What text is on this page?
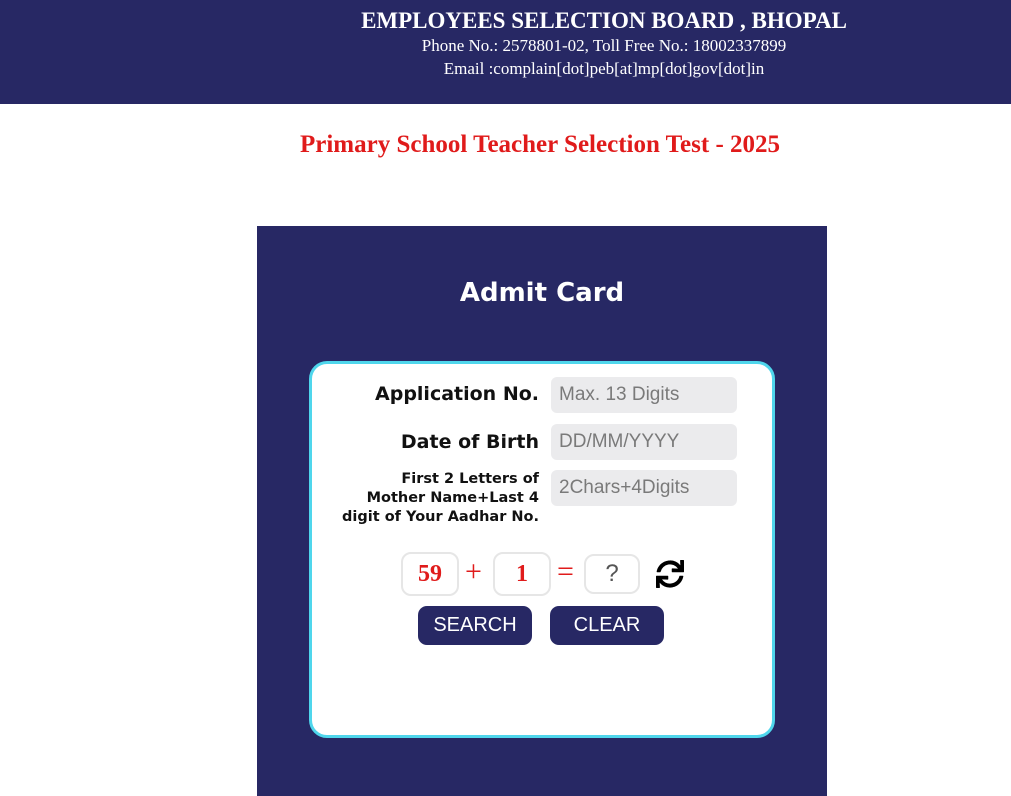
EMPLOYEES SELECTION BOARD , BHOPAL
Phone No.: 2578801-02, Toll Free No.: 18002337899
Email :complain[dot]peb[at]mp[dot]gov[dot]in
Primary School Teacher Selection Test - 2025
Admit Card
Application No.
Max. 13 Digits
Date of Birth
DD/MM/YYYY
First 2 Letters of Mother Name+Last 4 digit of Your Aadhar No.
2Chars+4Digits
59 +	1 =
?
SEARCH	CLEAR
